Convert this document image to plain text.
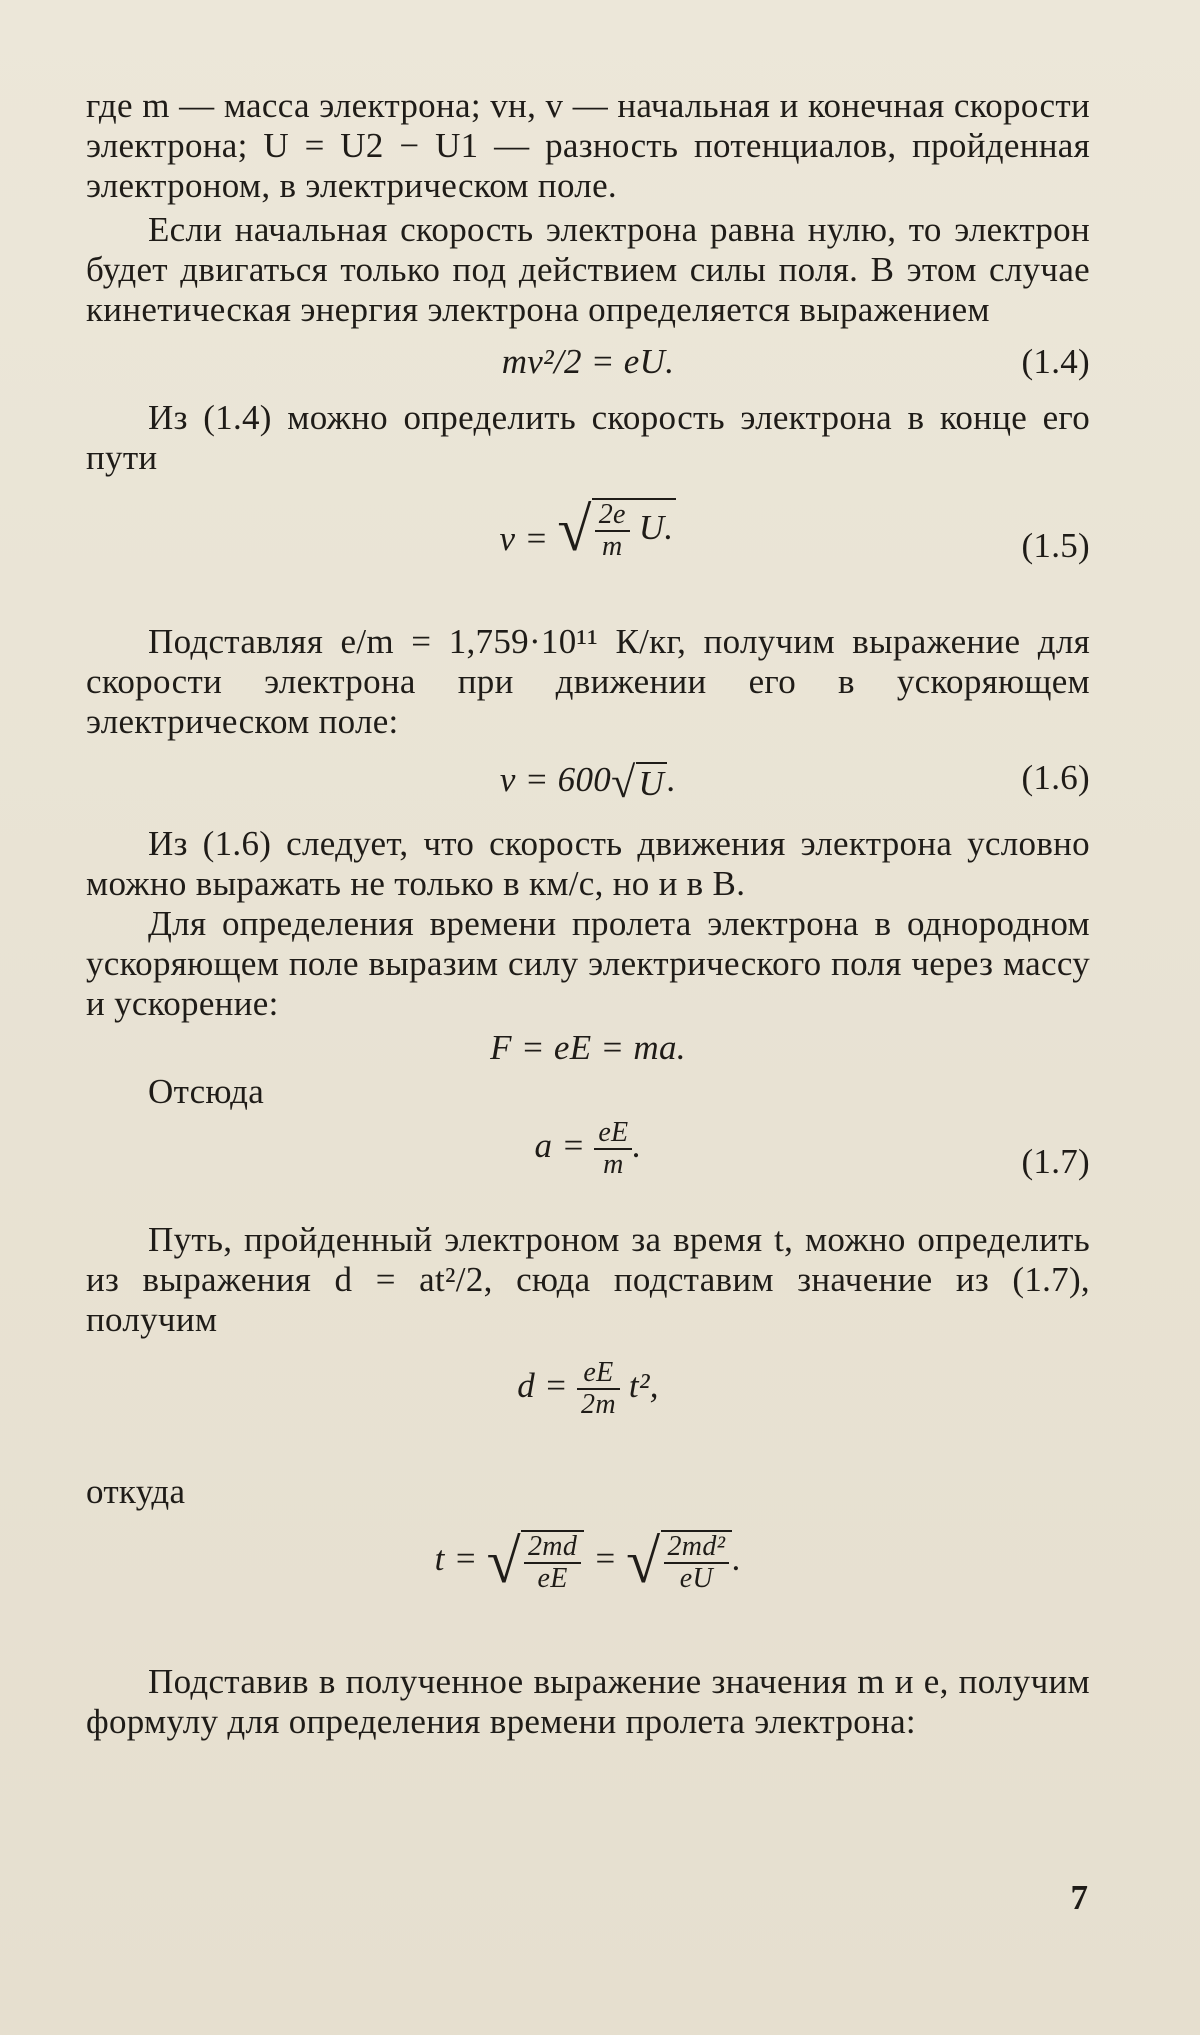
где m — масса электрона; vн, v — начальная и конечная скорости электрона; U = U2 − U1 — разность потенциалов, пройденная электроном, в электрическом поле.

Если начальная скорость электрона равна нулю, то электрон будет двигаться только под действием силы поля. В этом случае кинетическая энергия электрона определяется выражением

mv²/2 = eU.	(1.4)

Из (1.4) можно определить скорость электрона в конце его пути

v = √ $\frac{2e}{m} U$.	(1.5)

Подставляя e/m = 1,759·10¹¹ К/кг, получим выражение для скорости электрона при движении его в ускоряющем электрическом поле:

v = 600√U.	(1.6)

Из (1.6) следует, что скорость движения электрона условно можно выражать не только в км/с, но и в В.

Для определения времени пролета электрона в однородном ускоряющем поле выразим силу электрического поля через массу и ускорение:

F = eE = ma.

Отсюда

$a = \frac{eE}{m}$ .	(1.7)

Путь, пройденный электроном за время t, можно определить из выражения d = at²/2, сюда подставим значение из (1.7), получим

$d = \frac{eE}{2m} t^2$,

откуда

t = √ $\frac{2md}{eE}$ = √ $\frac{\text{2md²}}{eU}$ .

Подставив в полученное выражение значения m и e, получим формулу для определения времени пролета электрона:

7
